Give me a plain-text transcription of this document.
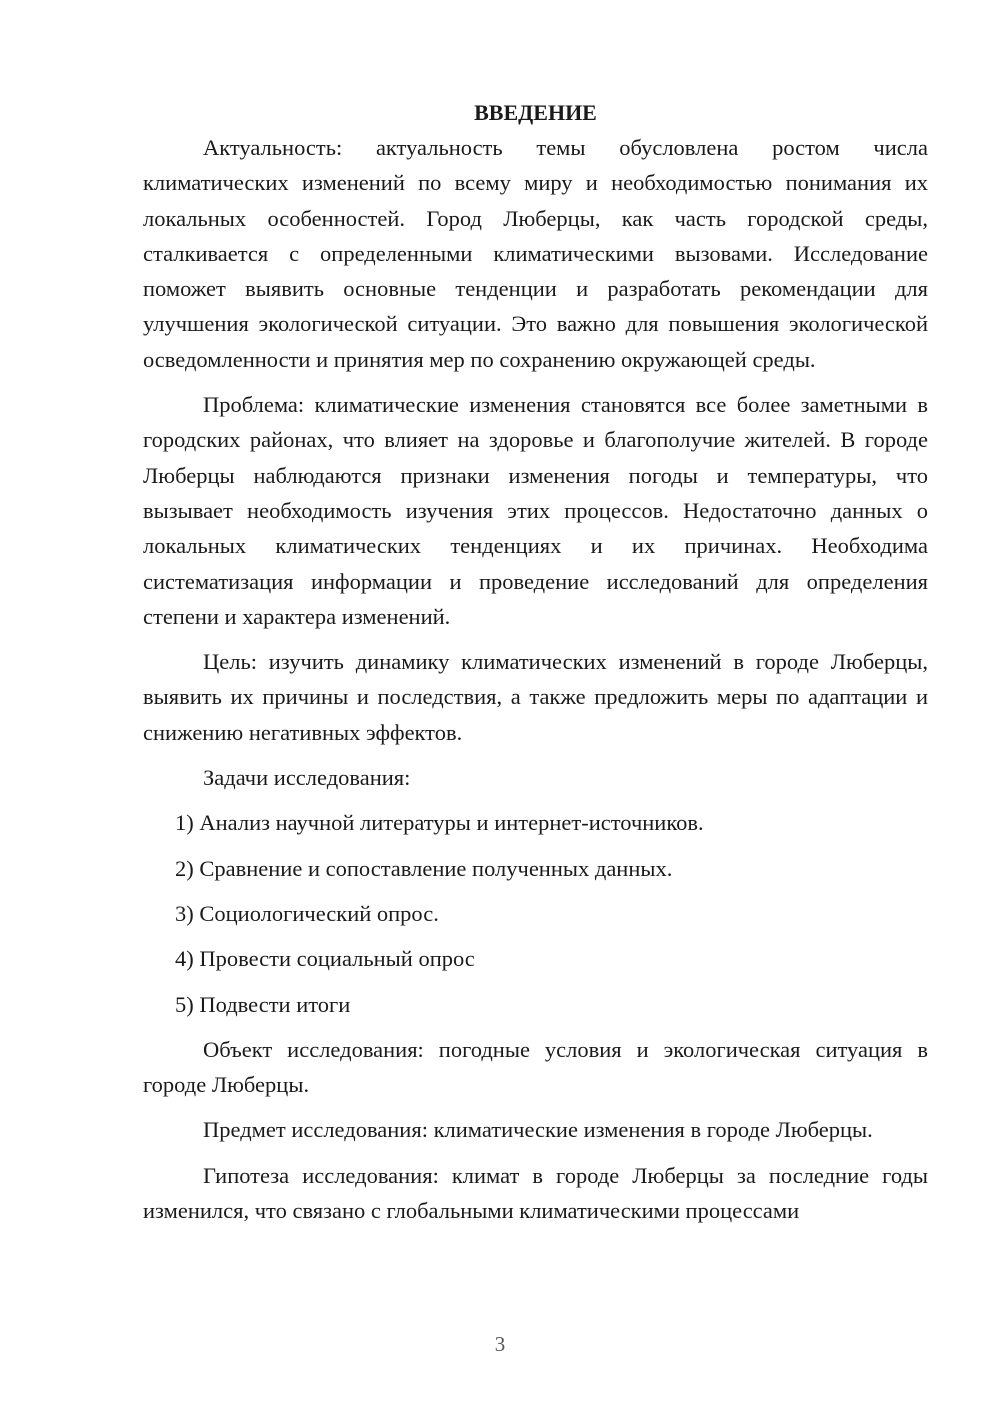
ВВЕДЕНИЕ

Актуальность: актуальность темы обусловлена ростом числа климатических изменений по всему миру и необходимостью понимания их локальных особенностей. Город Люберцы, как часть городской среды, сталкивается с определенными климатическими вызовами. Исследование поможет выявить основные тенденции и разработать рекомендации для улучшения экологической ситуации. Это важно для повышения экологической осведомленности и принятия мер по сохранению окружающей среды.

Проблема: климатические изменения становятся все более заметными в городских районах, что влияет на здоровье и благополучие жителей. В городе Люберцы наблюдаются признаки изменения погоды и температуры, что вызывает необходимость изучения этих процессов. Недостаточно данных о локальных климатических тенденциях и их причинах. Необходима систематизация информации и проведение исследований для определения степени и характера изменений.

Цель: изучить динамику климатических изменений в городе Люберцы, выявить их причины и последствия, а также предложить меры по адаптации и снижению негативных эффектов.

Задачи исследования:

1) Анализ научной литературы и интернет-источников.

2) Сравнение и сопоставление полученных данных.

3) Социологический опрос.

4) Провести социальный опрос

5) Подвести итоги

Объект исследования: погодные условия и экологическая ситуация в городе Люберцы.

Предмет исследования: климатические изменения в городе Люберцы.

Гипотеза исследования: климат в городе Люберцы за последние годы изменился, что связано с глобальными климатическими процессами

3
